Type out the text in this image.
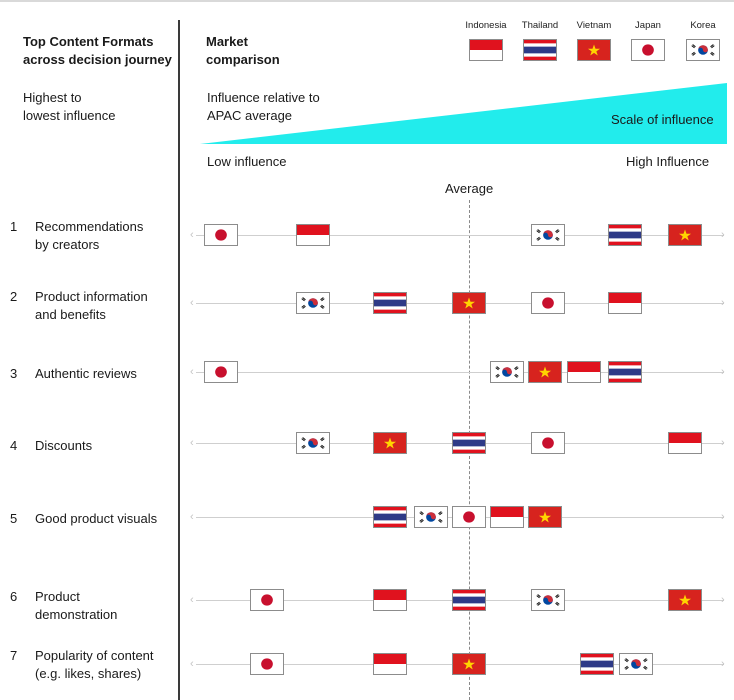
Top Content Formats
across decision journey
Highest to
lowest influence
Market
comparison
Influence relative to
APAC average	Scale of influence
Low influence	High Influence
Average
Indonesia	Thailand	Vietnam	Japan	Korea
1 Recommendations
by creators
‹	›
2 Product information
and benefits
‹	›
3 Authentic reviews	‹	›
4 Discounts	‹	›
5 Good product visuals	‹	›
6 Product
demonstration
‹	›
7 Popularity of content
(e.g. likes, shares)
‹	›
